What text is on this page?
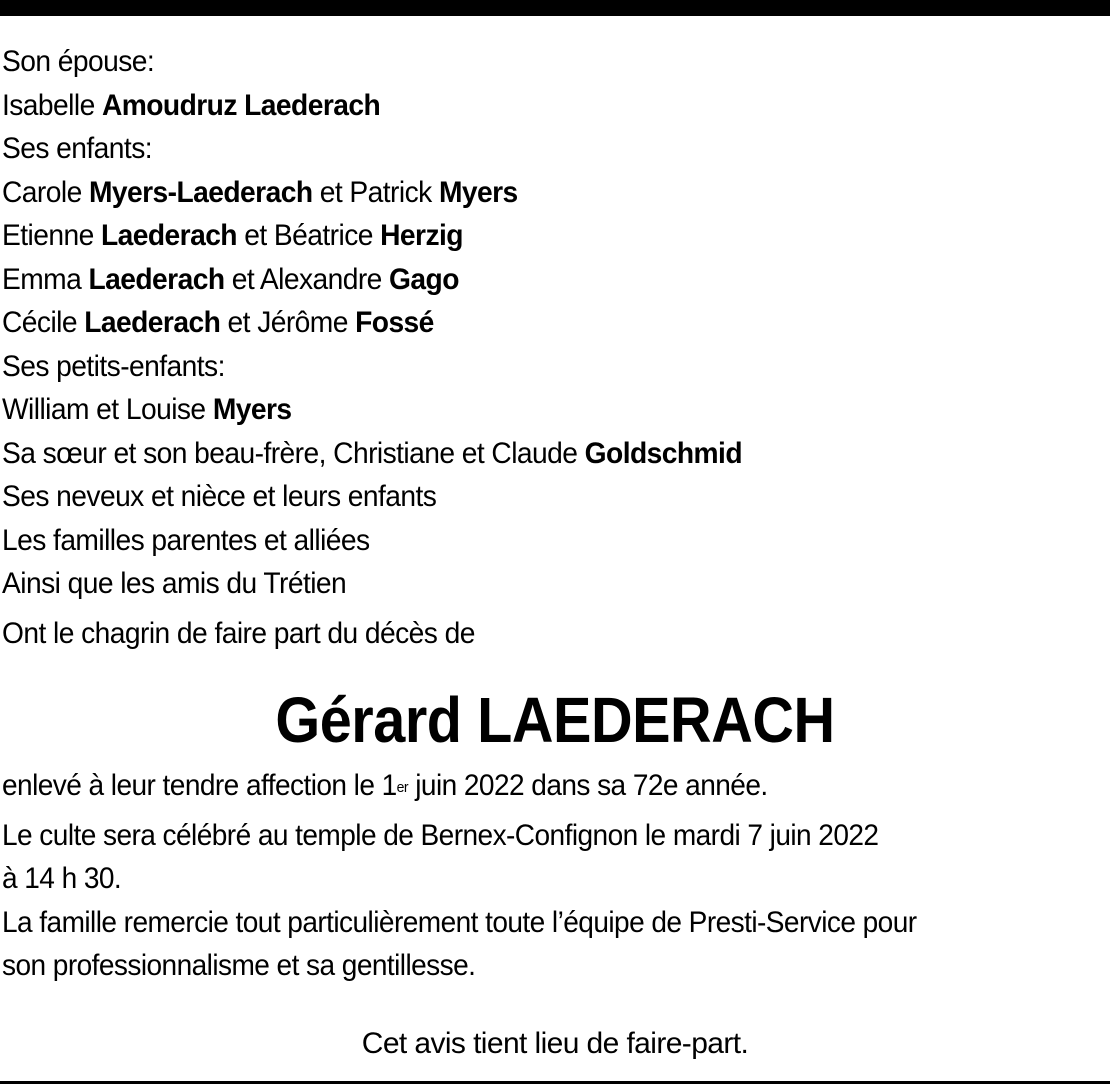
Son épouse:
Isabelle Amoudruz Laederach
Ses enfants:
Carole Myers-Laederach et Patrick Myers
Etienne Laederach et Béatrice Herzig
Emma Laederach et Alexandre Gago
Cécile Laederach et Jérôme Fossé
Ses petits-enfants:
William et Louise Myers
Sa sœur et son beau-frère, Christiane et Claude Goldschmid
Ses neveux et nièce et leurs enfants
Les familles parentes et alliées
Ainsi que les amis du Trétien
Ont le chagrin de faire part du décès de
Gérard LAEDERACH
enlevé à leur tendre affection le 1er juin 2022 dans sa 72e année.
Le culte sera célébré au temple de Bernex-Confignon le mardi 7 juin 2022
à 14 h 30.
La famille remercie tout particulièrement toute l’équipe de Presti-Service pour
son professionnalisme et sa gentillesse.
Cet avis tient lieu de faire-part.
